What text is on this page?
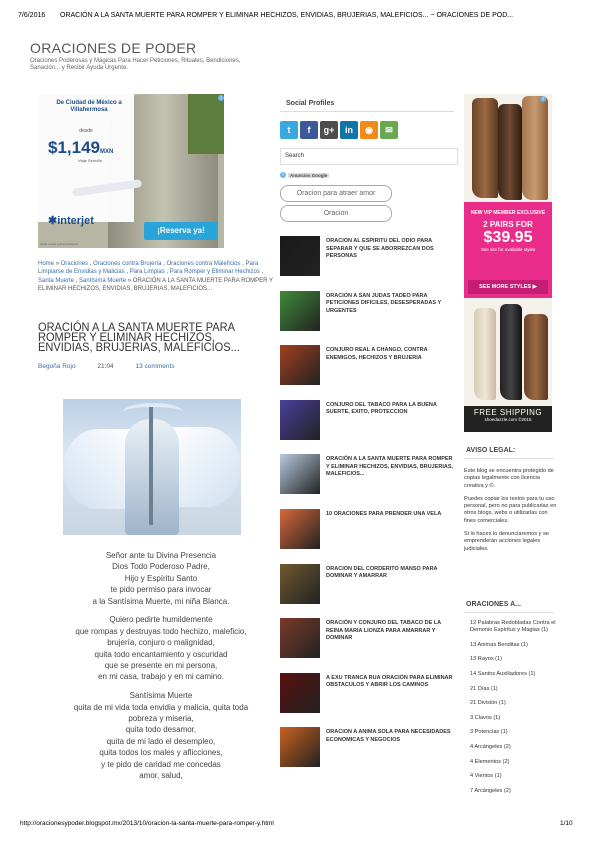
7/6/2016 ORACIÓN A LA SANTA MUERTE PARA ROMPER Y ELIMINAR HECHIZOS, ENVIDIAS, BRUJERIAS, MALEFICIOS... ~ ORACIONES DE POD...
ORACIONES DE PODER
Oraciones Poderosas y Mágicas Para Hacer Peticiones, Rituales, Bendiciones, Sanación... y Recibir Ayuda Urgente.
De Ciudad de México a Villahermosa
desde
$1,149MXN
Viaje Sencillo
✱interjet
¡Reserva ya!
Tarifa sujeta a disponibilidad
i
Home » Oraciones , Oraciones contra Brujería , Oraciones contra Maleficios , Para Limpiarse de Envidias y Malicias , Para Limpias , Para Romper y Eliminar Hechizos , Santa Muerte , Santísima Muerte » ORACIÓN A LA SANTA MUERTE PARA ROMPER Y ELIMINAR HECHIZOS, ENVIDIAS, BRUJERIAS, MALEFICIOS...
ORACIÓN A LA SANTA MUERTE PARA ROMPER Y ELIMINAR HECHIZOS, ENVIDIAS, BRUJERIAS, MALEFICIOS...
Begoña Rojo	21:04	13 comments

Señor ante tu Divina Presencia
Dios Todo Poderoso Padre,
Hijo y Espíritu Santo
te pido permiso para invocar
a la Santísima Muerte, mi niña Blanca.

Quiero pedirte humildemente
que rompas y destruyas todo hechizo, maleficio,
brujería, conjuro o malignidad,
quita todo encantamiento y oscuridad
que se presente en mi persona,
en mi casa, trabajo y en mi camino.

Santísima Muerte
quita de mi vida toda envidia y malicia, quita toda
pobreza y miseria,
quita todo desamor,
quita de mi lado el desempleo,
quita todos los males y aflicciones,
y te pido de caridad me concedas
amor, salud,

Social Profiles
t	f	g+	in	◉	✉
Search
i	Anuncios Google
Oracion para atraer amor
Oracion
ORACION AL ESPIRITU DEL ODIO PARA SEPARAR Y QUE SE ABORREZCAN DOS PERSONAS
ORACION A SAN JUDAS TADEO PARA PETICIONES DIFICILES, DESESPERADAS Y URGENTES
CONJURO REAL A CHANGO, CONTRA ENEMIGOS, HECHIZOS Y BRUJERIA
CONJURO DEL TABACO PARA LA BUENA SUERTE, EXITO, PROTECCION
ORACIÓN A LA SANTA MUERTE PARA ROMPER Y ELIMINAR HECHIZOS, ENVIDIAS, BRUJERIAS, MALEFICIOS...
10 ORACIONES PARA PRENDER UNA VELA
ORACION DEL CORDERITO MANSO PARA DOMINAR Y AMARRAR
ORACIÓN Y CONJURO DEL TABACO DE LA REINA MARIA LIONZA PARA AMARRAR Y DOMINAR
A EXU TRANCA RUA ORACIÓN PARA ELIMINAR OBSTACULOS Y ABRIR LOS CAMINOS
ORACION A ANIMA SOLA PARA NECESIDADES ECONOMICAS Y NEGOCIOS
NEW VIP MEMBER EXCLUSIVE
2 PAIRS FOR
$39.95
See site for available styles
SEE MORE STYLES ▶
FREE SHIPPING
shoedazzle.com ©2015
i
AVISO LEGAL:

Este blog se encuentra protegido de copias legalmente con licencia creativa y ©.

Puedes copiar los textos para tu uso personal, pero no para publicarlas en otros blogs, webs o utilizarlas con fines comerciales.

Si lo haces lo denunciaremos y se emprenderán acciones legales judiciales.

ORACIONES A...
12 Palabras Redobladas Contra el Demonio Espíritus y Magias (1)
13 Animas Benditas (1)
13 Rayos (1)
14 Santos Auxiliadores (1)
21 Días (1)
21 División (1)
3 Clavos (1)
3 Potencias (1)
4 Arcángeles (2)
4 Elementos (2)
4 Vientos (1)
7 Arcángeles (2)
http://oracionesypoder.blogspot.mx/2013/10/oracion-la-santa-muerte-para-romper-y.html	1/10
